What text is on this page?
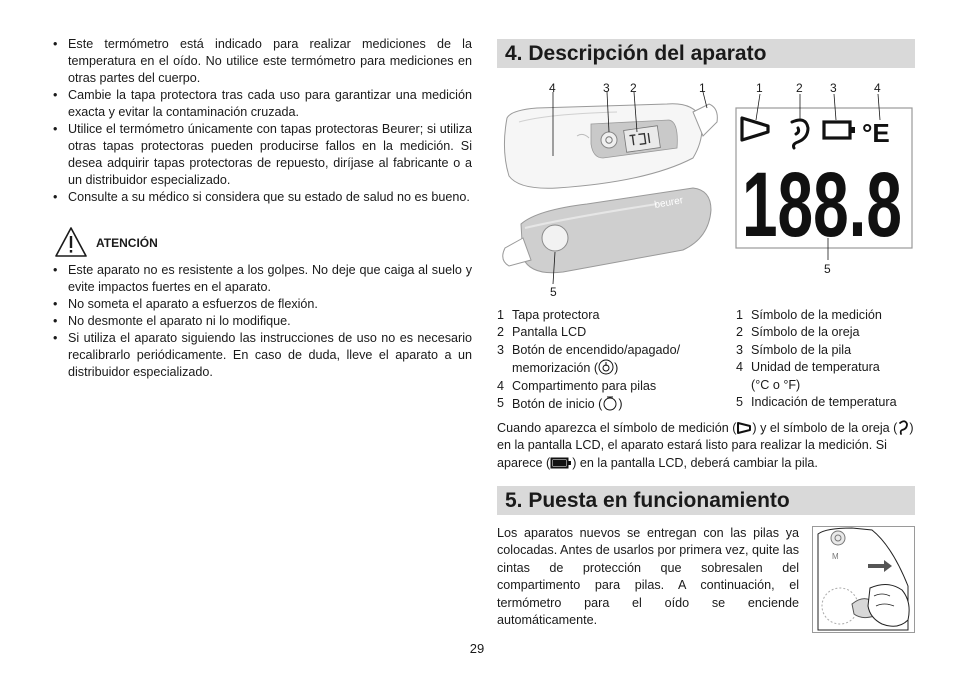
• Este termómetro está indicado para realizar mediciones de la temperatura en el oído. No utilice este termómetro para mediciones en otras partes del cuerpo.
• Cambie la tapa protectora tras cada uso para garantizar una medición exacta y evitar la contaminación cruzada.
• Utilice el termómetro únicamente con tapas protectoras Beurer; si utiliza otras tapas protectoras pueden producirse fallos en la medición. Si desea adquirir tapas protectoras de repuesto, diríjase al fabricante o a un distribuidor especializado.
• Consulte a su médico si considera que su estado de salud no es bueno.
ATENCIÓN
• Este aparato no es resistente a los golpes. No deje que caiga al suelo y evite impactos fuertes en el aparato.
• No someta el aparato a esfuerzos de flexión.
• No desmonte el aparato ni lo modifique.
• Si utiliza el aparato siguiendo las instrucciones de uso no es necesario recalibrarlo periódicamente. En caso de duda, lleve el aparato a un distribuidor especializado.
4. Descripción del aparato
beurer
4	3 2	1
5
°E
188.8
1	2 3	4
5
1 Tapa protectora
2 Pantalla LCD
3 Botón de encendido/apagado/
memorización ( )
4 Compartimento para pilas
5 Botón de inicio ( )
1 Símbolo de la medición
2 Símbolo de la oreja
3 Símbolo de la pila
4 Unidad de temperatura
(°C o °F)
5 Indicación de temperatura
Cuando aparezca el símbolo de medición ( ) y el símbolo de la oreja ( ) en la pantalla LCD, el aparato estará listo para realizar la medición. Si aparece ( ) en la pantalla LCD, deberá cambiar la pila.
5. Puesta en funcionamiento
Los aparatos nuevos se entregan con las pilas ya colocadas. Antes de usarlos por primera vez, quite las cintas de protección que sobresalen del compartimento para pilas. A continuación, el termómetro para el oído se enciende automáticamente.
M
29
